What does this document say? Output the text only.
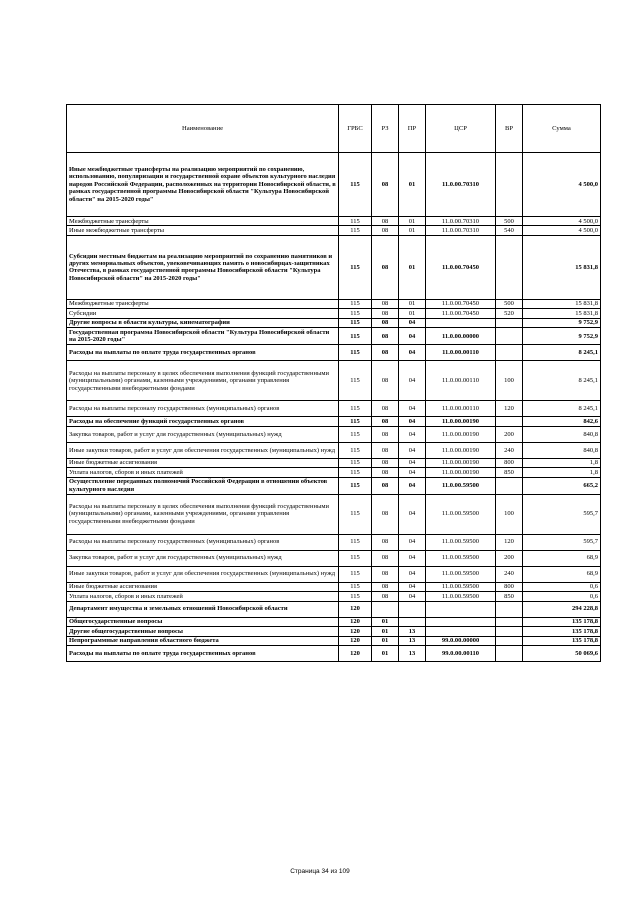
Наименование	ГРБС	РЗ	ПР	ЦСР	ВР	Сумма
Иные межбюджетные трансферты на реализацию мероприятий по сохранению, использованию, популяризации и государственной охране объектов культурного наследия народов Российской Федерации, расположенных на территории Новосибирской области, в рамках государственной программы Новосибирской области "Культура Новосибирской области" на 2015-2020 годы"	115	08	01	11.0.00.70310		4 500,0
Межбюджетные трансферты	115	08	01	11.0.00.70310	500	4 500,0
Иные межбюджетные трансферты	115	08	01	11.0.00.70310	540	4 500,0
Субсидии местным бюджетам на реализацию мероприятий по сохранению памятников и других мемориальных объектов, увековечивающих память о новосибирцах-защитниках Отечества, в рамках государственной программы Новосибирской области "Культура Новосибирской области" на 2015-2020 годы"	115	08	01	11.0.00.70450		15 831,8
Межбюджетные трансферты	115	08	01	11.0.00.70450	500	15 831,8
Субсидии	115	08	01	11.0.00.70450	520	15 831,8
Другие вопросы в области культуры, кинематографии	115	08	04			9 752,9
Государственная программа Новосибирской области "Культура Новосибирской области на 2015-2020 годы"	115	08	04	11.0.00.00000		9 752,9
Расходы на выплаты по оплате труда государственных органов	115	08	04	11.0.00.00110		8 245,1
Расходы на выплаты персоналу в целях обеспечения выполнения функций государственными (муниципальными) органами, казенными учреждениями, органами управления государственными внебюджетными фондами	115	08	04	11.0.00.00110	100	8 245,1
Расходы на выплаты персоналу государственных (муниципальных) органов	115	08	04	11.0.00.00110	120	8 245,1
Расходы на обеспечение функций государственных органов	115	08	04	11.0.00.00190		842,6
Закупка товаров, работ и услуг для государственных (муниципальных) нужд	115	08	04	11.0.00.00190	200	840,8
Иные закупки товаров, работ и услуг для обеспечения государственных (муниципальных) нужд	115	08	04	11.0.00.00190	240	840,8
Иные бюджетные ассигнования	115	08	04	11.0.00.00190	800	1,8
Уплата налогов, сборов и иных платежей	115	08	04	11.0.00.00190	850	1,8
Осуществление переданных полномочий Российской Федерации в отношении объектов культурного наследия	115	08	04	11.0.00.59500		665,2
Расходы на выплаты персоналу в целях обеспечения выполнения функций государственными (муниципальными) органами, казенными учреждениями, органами управления государственными внебюджетными фондами	115	08	04	11.0.00.59500	100	595,7
Расходы на выплаты персоналу государственных (муниципальных) органов	115	08	04	11.0.00.59500	120	595,7
Закупка товаров, работ и услуг для государственных (муниципальных) нужд	115	08	04	11.0.00.59500	200	68,9
Иные закупки товаров, работ и услуг для обеспечения государственных (муниципальных) нужд	115	08	04	11.0.00.59500	240	68,9
Иные бюджетные ассигнования	115	08	04	11.0.00.59500	800	0,6
Уплата налогов, сборов и иных платежей	115	08	04	11.0.00.59500	850	0,6
Департамент имущества и земельных отношений Новосибирской области	120					294 228,8
Общегосударственные вопросы	120	01				135 178,8
Другие общегосударственные вопросы	120	01	13			135 178,8
Непрограммные направления областного бюджета	120	01	13	99.0.00.00000		135 178,8
Расходы на выплаты по оплате труда государственных органов	120	01	13	99.0.00.00110		50 069,6
Страница 34 из 109
